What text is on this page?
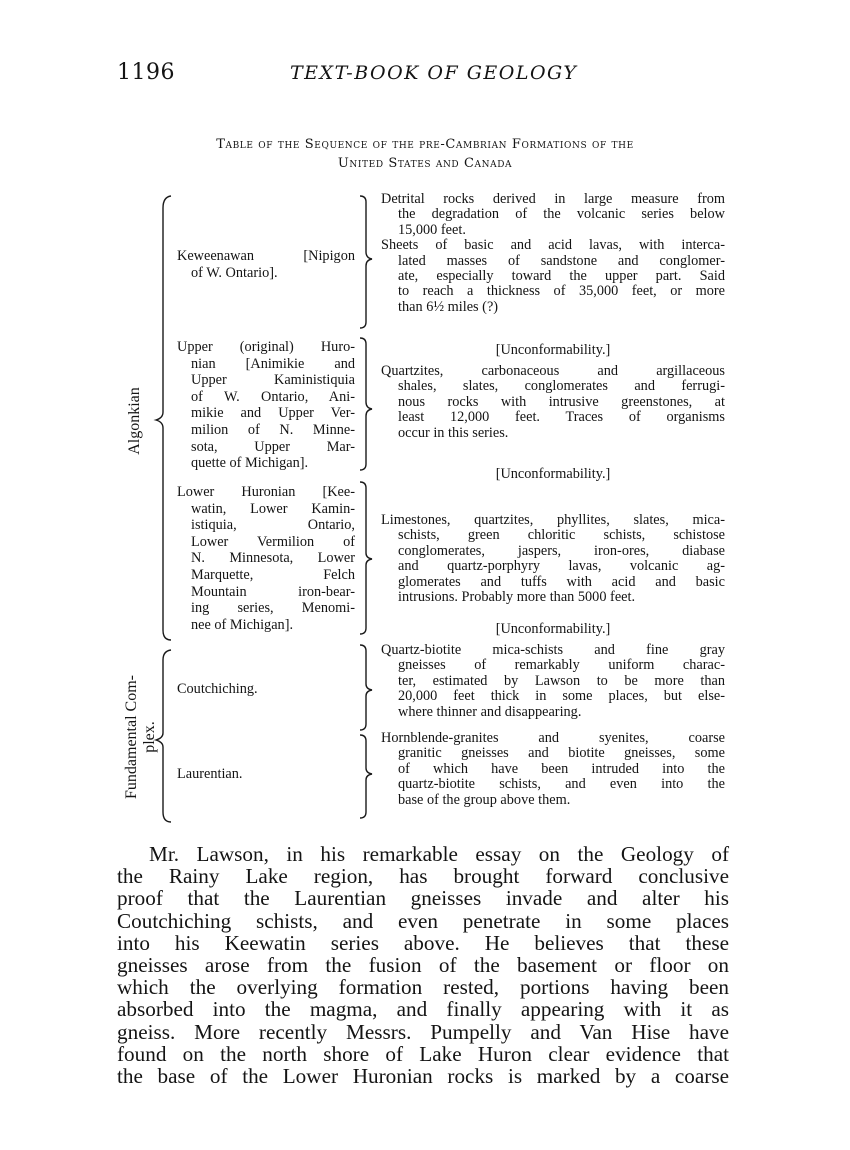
1196	TEXT-BOOK OF GEOLOGY
Table of the Sequence of the pre-Cambrian Formations of the
United States and Canada
Algonkian
Fundamental Com-
plex.
Keweenawan [Nipigon
of W. Ontario].
Detrital rocks derived in large measure from
the degradation of the volcanic series below
15,000 feet.
Sheets of basic and acid lavas, with interca-
lated masses of sandstone and conglomer-
ate, especially toward the upper part. Said
to reach a thickness of 35,000 feet, or more
than 6½ miles (?)
[Unconformability.]
Upper (original) Huro-
nian [Animikie and
Upper Kaministiquia
of W. Ontario, Ani-
mikie and Upper Ver-
milion of N. Minne-
sota, Upper Mar-
quette of Michigan].
Quartzites, carbonaceous and argillaceous
shales, slates, conglomerates and ferrugi-
nous rocks with intrusive greenstones, at
least 12,000 feet. Traces of organisms
occur in this series.
[Unconformability.]
Lower Huronian [Kee-
watin, Lower Kamin-
istiquia, Ontario,
Lower Vermilion of
N. Minnesota, Lower
Marquette, Felch
Mountain iron-bear-
ing series, Menomi-
nee of Michigan].
Limestones, quartzites, phyllites, slates, mica-
schists, green chloritic schists, schistose
conglomerates, jaspers, iron-ores, diabase
and quartz-porphyry lavas, volcanic ag-
glomerates and tuffs with acid and basic
intrusions. Probably more than 5000 feet.
[Unconformability.]
Coutchiching.
Quartz-biotite mica-schists and fine gray
gneisses of remarkably uniform charac-
ter, estimated by Lawson to be more than
20,000 feet thick in some places, but else-
where thinner and disappearing.
Laurentian.
Hornblende-granites and syenites, coarse
granitic gneisses and biotite gneisses, some
of which have been intruded into the
quartz-biotite schists, and even into the
base of the group above them.
Mr. Lawson, in his remarkable essay on the Geology of
the Rainy Lake region, has brought forward conclusive
proof that the Laurentian gneisses invade and alter his
Coutchiching schists, and even penetrate in some places
into his Keewatin series above. He believes that these
gneisses arose from the fusion of the basement or floor on
which the overlying formation rested, portions having been
absorbed into the magma, and finally appearing with it as
gneiss. More recently Messrs. Pumpelly and Van Hise have
found on the north shore of Lake Huron clear evidence that
the base of the Lower Huronian rocks is marked by a coarse
